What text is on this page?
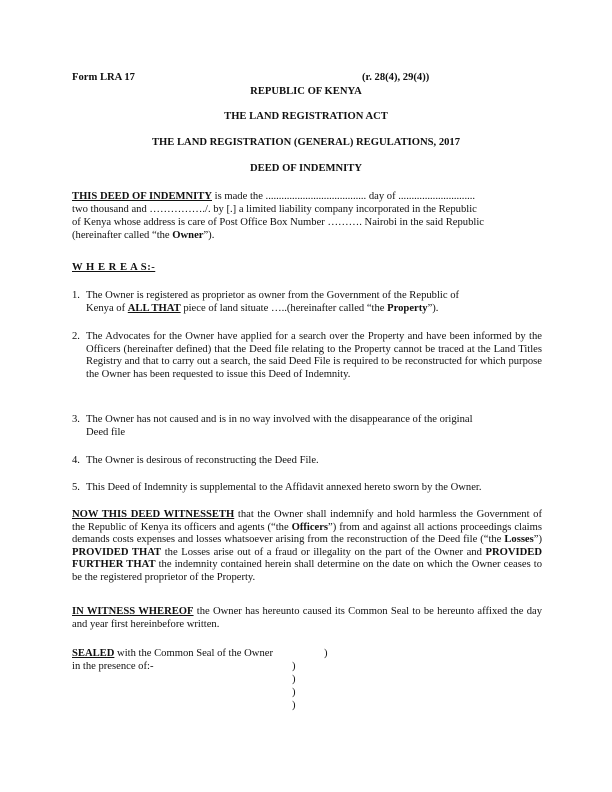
Form LRA 17	(r. 28(4), 29(4))
REPUBLIC OF KENYA
THE LAND REGISTRATION ACT
THE LAND REGISTRATION (GENERAL) REGULATIONS, 2017
DEED OF INDEMNITY
THIS DEED OF INDEMNITY is made the ...................................... day of .............................
two thousand and ……………./. by [.] a limited liability company incorporated in the Republic
of Kenya whose address is care of Post Office Box Number ………. Nairobi in the said Republic
(hereinafter called “the Owner”).
W H E R E A S:-
1. The Owner is registered as proprietor as owner from the Government of the Republic of
Kenya of ALL THAT piece of land situate …..(hereinafter called “the Property”).
2. The Advocates for the Owner have applied for a search over the Property and have been informed by the Officers (hereinafter defined) that the Deed file relating to the Property cannot be traced at the Land Titles Registry and that to carry out a search, the said Deed File is required to be reconstructed for which purpose the Owner has been requested to issue this Deed of Indemnity.
3. The Owner has not caused and is in no way involved with the disappearance of the original
Deed file
4. The Owner is desirous of reconstructing the Deed File.
5. This Deed of Indemnity is supplemental to the Affidavit annexed hereto sworn by the Owner.
NOW THIS DEED WITNESSETH that the Owner shall indemnify and hold harmless the Government of the Republic of Kenya its officers and agents (“the Officers”) from and against all actions proceedings claims demands costs expenses and losses whatsoever arising from the reconstruction of the Deed file (“the Losses”) PROVIDED THAT the Losses arise out of a fraud or illegality on the part of the Owner and PROVIDED FURTHER THAT the indemnity contained herein shall determine on the date on which the Owner ceases to be the registered proprietor of the Property.
IN WITNESS WHEREOF the Owner has hereunto caused its Common Seal to be hereunto affixed the day and year first hereinbefore written.
SEALED with the Common Seal of the Owner	)
in the presence of:-	)
)
)
)
